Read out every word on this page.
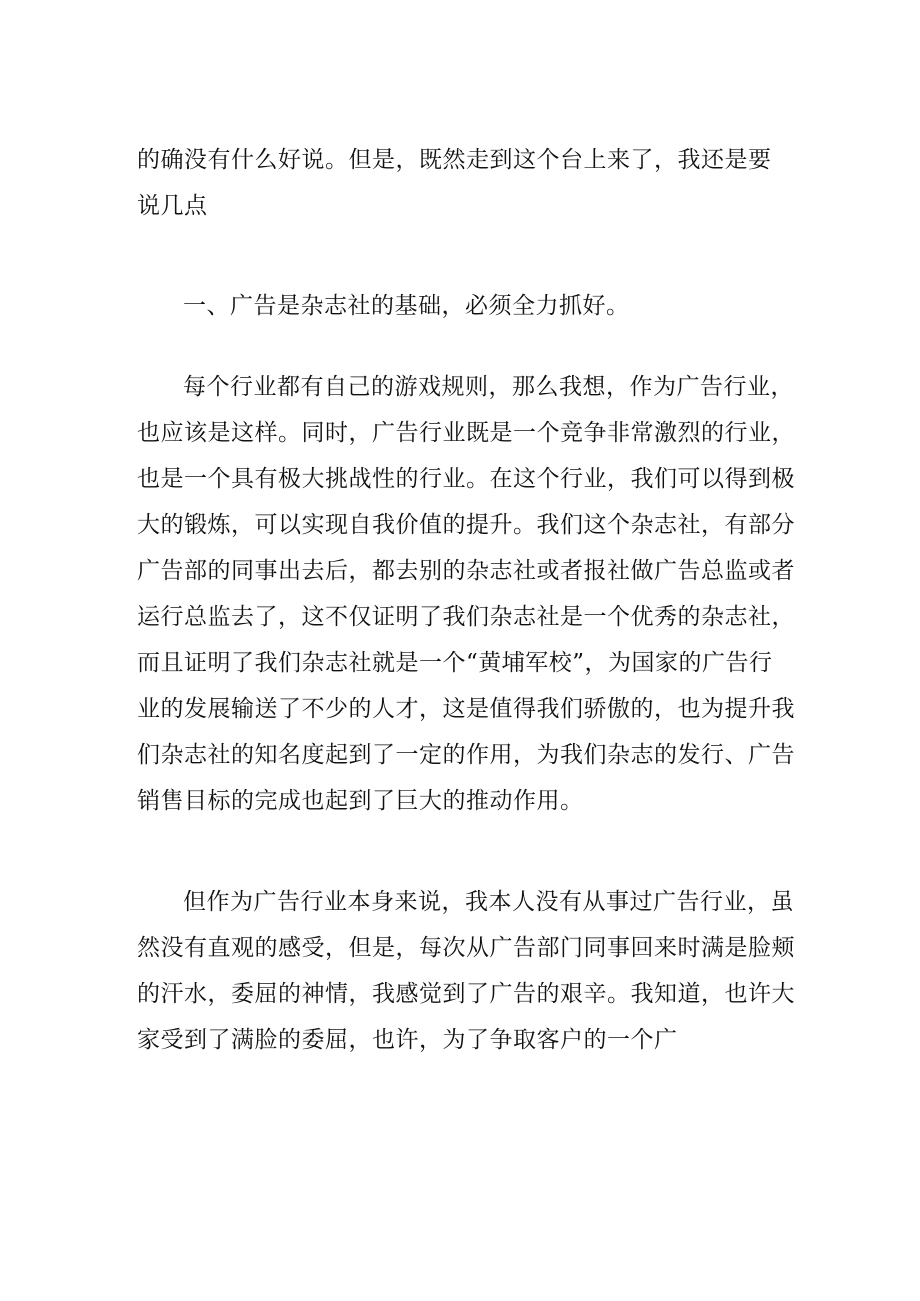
的确没有什么好说。但是，既然走到这个台上来了，我还是要
说几点
一、广告是杂志社的基础，必须全力抓好。
每个行业都有自己的游戏规则，那么我想，作为广告行业，
也应该是这样。同时，广告行业既是一个竞争非常激烈的行业，
也是一个具有极大挑战性的行业。在这个行业，我们可以得到极
大的锻炼，可以实现自我价值的提升。我们这个杂志社，有部分
广告部的同事出去后，都去别的杂志社或者报社做广告总监或者
运行总监去了，这不仅证明了我们杂志社是一个优秀的杂志社，
而且证明了我们杂志社就是一个“黄埔军校”，为国家的广告行
业的发展输送了不少的人才，这是值得我们骄傲的，也为提升我
们杂志社的知名度起到了一定的作用，为我们杂志的发行、广告
销售目标的完成也起到了巨大的推动作用。
但作为广告行业本身来说，我本人没有从事过广告行业，虽
然没有直观的感受，但是，每次从广告部门同事回来时满是脸颊
的汗水，委屈的神情，我感觉到了广告的艰辛。我知道，也许大
家受到了满脸的委屈，也许，为了争取客户的一个广
